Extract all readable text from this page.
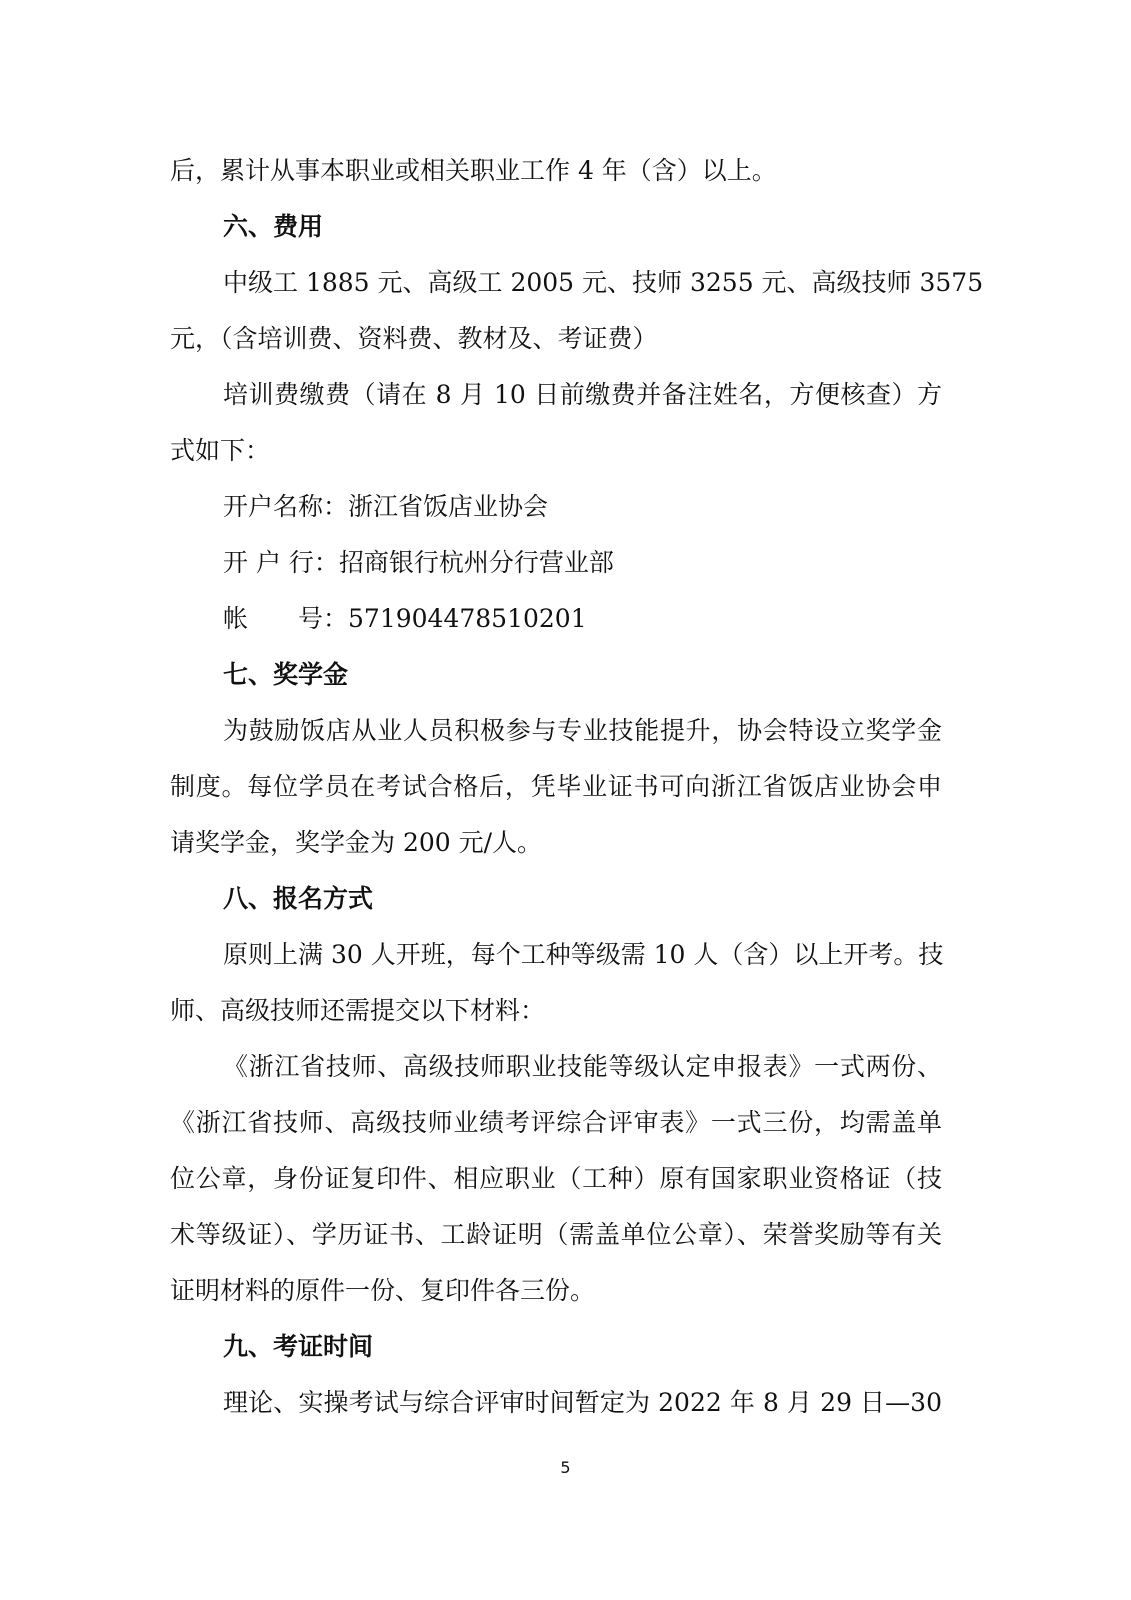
后，累计从事本职业或相关职业工作 4 年（含）以上。
六、费用
中级工 1885 元、高级工 2005 元、技师 3255 元、高级技师 3575
元，（含培训费、资料费、教材及、考证费）
培训费缴费（请在 8 月 10 日前缴费并备注姓名，方便核查）方
式如下：
开户名称：浙江省饭店业协会
开 户 行：招商银行杭州分行营业部
帐　　号：571904478510201
七、奖学金
为鼓励饭店从业人员积极参与专业技能提升，协会特设立奖学金
制度。每位学员在考试合格后，凭毕业证书可向浙江省饭店业协会申
请奖学金，奖学金为 200 元/人。
八、报名方式
原则上满 30 人开班，每个工种等级需 10 人（含）以上开考。技
师、高级技师还需提交以下材料：
《浙江省技师、高级技师职业技能等级认定申报表》一式两份、
《浙江省技师、高级技师业绩考评综合评审表》一式三份，均需盖单
位公章，身份证复印件、相应职业（工种）原有国家职业资格证（技
术等级证）、学历证书、工龄证明（需盖单位公章）、荣誉奖励等有关
证明材料的原件一份、复印件各三份。
九、考证时间
理论、实操考试与综合评审时间暂定为 2022 年 8 月 29 日—30
5
